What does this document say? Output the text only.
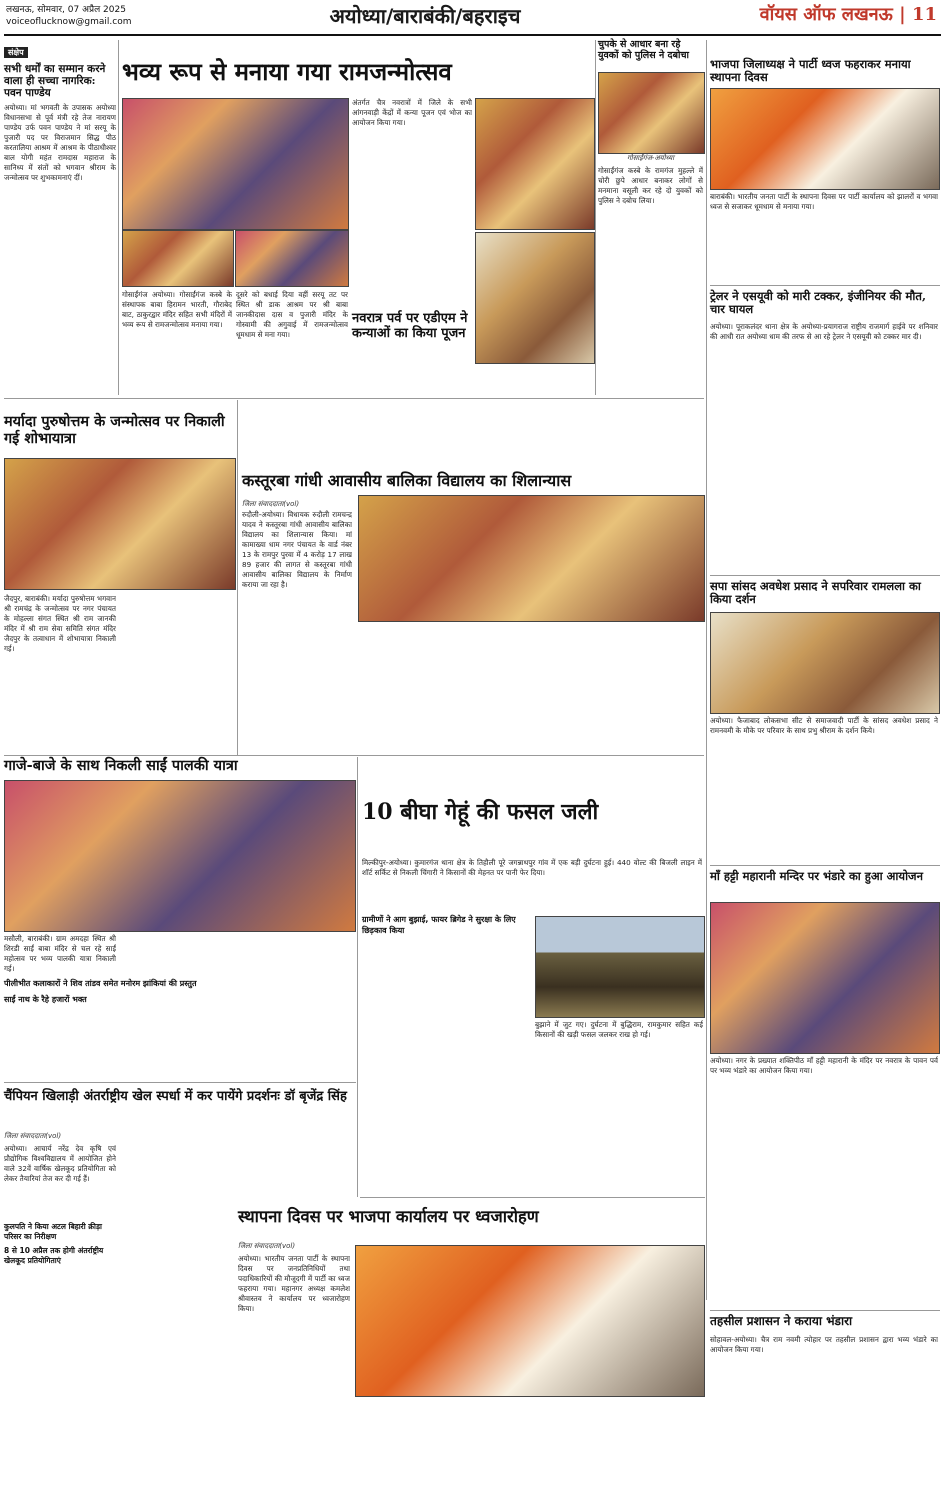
लखनऊ, सोमवार, 07 अप्रैल 2025
voiceoflucknow@gmail.com	अयोध्या/बाराबंकी/बहराइच	वॉयस ऑफ लखनऊ | 11
संक्षेप
सभी धर्मों का सम्मान करने वाला ही सच्चा नागरिक: पवन पाण्डेय
अयोध्या। मां भगवती के उपासक अयोध्या विधानसभा से पूर्व मंत्री रहे तेज नारायण पाण्डेय उर्फ पवन पाण्डेय ने मां सरयू के पुजारी पद पर विराजमान सिद्ध पीठ करतालिया आश्रम में आश्रम के पीठाधीश्वर बाल योगी महंत रामदास महाराज के सानिध्य में संतों को भगवान श्रीराम के जन्मोत्सव पर शुभकामनाएं दीं।
भव्य रूप से मनाया गया रामजन्मोत्सव
गोसाईंगंज अयोध्या। गोसाईंगंज कस्बे के संस्थापक बाबा हिरामन भारती, गौराबेद बाट, ठाकुरद्वार मंदिर सहित सभी मंदिरों में भव्य रूप से रामजन्मोत्सव मनाया गया।
दूसरे को बधाई दिया वहीं सरयू तट पर स्थित श्री डाक आश्रम पर श्री बाबा जानकीदास दास व पुजारी मंदिर के गोस्वामी की अगुवाई में रामजन्मोत्सव धूमधाम से मना गया।
अंतर्गत चैत्र नवरात्रों में जिले के सभी आंगनवाड़ी केंद्रों में कन्या पूजन एवं भोज का आयोजन किया गया।
नवरात्र पर्व पर एडीएम ने कन्याओं का किया पूजन
चुपके से आधार बना रहे युवकों को पुलिस ने दबोचा
गोसाईंगंज-अयोध्या
गोसाईंगंज कस्बे के रामगंज मुहल्ले में चोरी छुपे आधार बनाकर लोगों से मनमाना वसूली कर रहे दो युवकों को पुलिस ने दबोच लिया।
भाजपा जिलाध्यक्ष ने पार्टी ध्वज फहराकर मनाया स्थापना दिवस
बाराबंकी। भारतीय जनता पार्टी के स्थापना दिवस पर पार्टी कार्यालय को झालरों व भगवा ध्वज से सजाकर धूमधाम से मनाया गया।
ट्रेलर ने एसयूवी को मारी टक्कर, इंजीनियर की मौत, चार घायल
अयोध्या। पूराकलंदर थाना क्षेत्र के अयोध्या-प्रयागराज राष्ट्रीय राजमार्ग हाईवे पर शनिवार की आधी रात अयोध्या धाम की तरफ से आ रहे ट्रेलर ने एसयूवी को टक्कर मार दी।
मर्यादा पुरुषोत्तम के जन्मोत्सव पर निकाली गई शोभायात्रा
जैदपुर, बाराबंकी। मर्यादा पुरुषोत्तम भगवान श्री रामचंद्र के जन्मोत्सव पर नगर पंचायत के मोहल्ला संगत स्थित श्री राम जानकी मंदिर में श्री राम सेवा समिति संगत मंदिर जैदपुर के तत्वाधान में शोभायात्रा निकाली गई।
कस्तूरबा गांधी आवासीय बालिका विद्यालय का शिलान्यास
जिला संवाददाता(vol)
रुदौली-अयोध्या। विधायक रुदौली रामचन्द्र यादव ने कस्तूरबा गांधी आवासीय बालिका विद्यालय का शिलान्यास किया। मां कामाख्या धाम नगर पंचायत के वार्ड नंबर 13 के रामपुर पुरवा में 4 करोड़ 17 लाख 89 हजार की लागत से कस्तूरबा गांधी आवासीय बालिका विद्यालय के निर्माण कराया जा रहा है।	सपा सांसद अवधेश प्रसाद ने सपरिवार रामलला का किया दर्शन
अयोध्या। फैजाबाद लोकसभा सीट से समाजवादी पार्टी के सांसद अवधेश प्रसाद ने रामनवमी के मौके पर परिवार के साथ प्रभु श्रीराम के दर्शन किये।
गाजे-बाजे के साथ निकली साईं पालकी यात्रा
मसौली, बाराबंकी। ग्राम अमदहा स्थित श्री शिरडी साईं बाबा मंदिर से चल रहे साईं महोत्सव पर भव्य पालकी यात्रा निकाली गई।
पीलीभीत कलाकारों ने शिव तांडव समेत मनोरम झांकियां की प्रस्तुत
साईं नाथ के रैहे हजारों भक्त
10 बीघा गेहूं की फसल जली
मिल्कीपुर-अयोध्या। कुमारगंज थाना क्षेत्र के तिहौली पूरे जगन्नाथपुर गांव में एक बड़ी दुर्घटना हुई। 440 वोल्ट की बिजली लाइन में शॉर्ट सर्किट से निकली चिंगारी ने किसानों की मेहनत पर पानी फेर दिया।
ग्रामीणों ने आग बुझाई, फायर ब्रिगेड ने सुरक्षा के लिए छिड़काव किया
बुझाने में जुट गए। दुर्घटना में बुद्धिराम, रामकुमार सहित कई किसानों की खड़ी फसल जलकर राख हो गई।
माँ हट्टी महारानी मन्दिर पर भंडारे का हुआ आयोजन
अयोध्या। नगर के प्रख्यात शक्तिपीठ माँ हट्टी महारानी के मंदिर पर नवरात्र के पावन पर्व पर भव्य भंडारे का आयोजन किया गया।
चैंपियन खिलाड़ी अंतर्राष्ट्रीय खेल स्पर्धा में कर पायेंगे प्रदर्शनः डॉ बृजेंद्र सिंह
जिला संवाददाता(vol)
अयोध्या। आचार्य नरेंद्र देव कृषि एवं प्रौद्योगिक विश्वविद्यालय में आयोजित होने वाले 32वें वार्षिक खेलकूद प्रतियोगिता को लेकर तैयारियां तेज कर दी गई हैं।
कुलपति ने किया अटल बिहारी क्रीड़ा परिसर का निरीक्षण
8 से 10 अप्रैल तक होगी अंतर्राष्ट्रीय खेलकूद प्रतियोगिताएं
स्थापना दिवस पर भाजपा कार्यालय पर ध्वजारोहण
जिला संवाददाता(vol)
अयोध्या। भारतीय जनता पार्टी के स्थापना दिवस पर जनप्रतिनिधियों तथा पदाधिकारियों की मौजूदगी में पार्टी का ध्वज फहराया गया। महानगर अध्यक्ष कमलेश श्रीवास्तव ने कार्यालय पर ध्वजारोहण किया।
तहसील प्रशासन ने कराया भंडारा
सोहावल-अयोध्या। चैत्र राम नवमी त्योहार पर तहसील प्रशासन द्वारा भव्य भंडारे का आयोजन किया गया।
